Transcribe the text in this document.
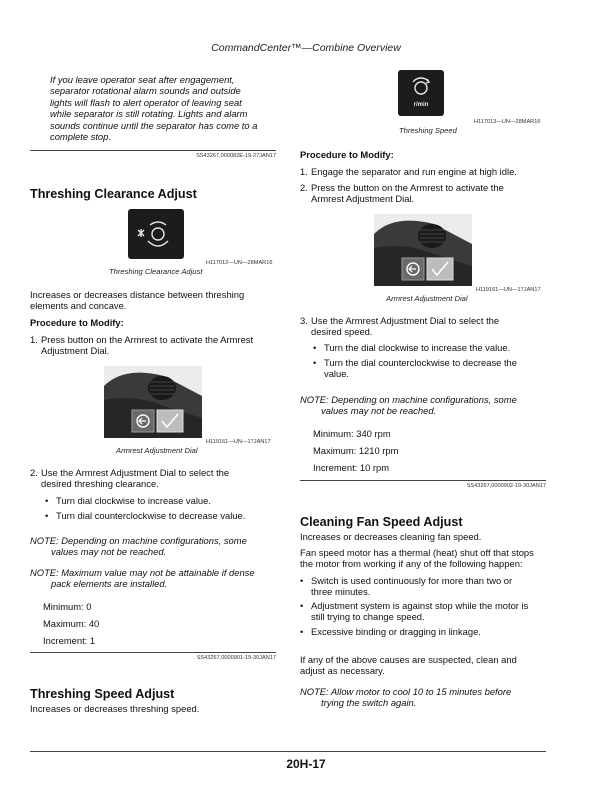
CommandCenter™—Combine Overview
If you leave operator seat after engagement,
separator rotational alarm sounds and outside
lights will flash to alert operator of leaving seat
while separator is still rotating. Lights and alarm
sounds continue until the separator has come to a
complete stop.
SS43267,000082E-19-27JAN17
Threshing Clearance Adjust
H117012—UN—28MAR16
Threshing Clearance Adjust
Increases or decreases distance between threshing
elements and concave.
Procedure to Modify:
1. Press button on the Armrest to activate the Armrest
Adjustment Dial.
H119161—UN—17JAN17
Armrest Adjustment Dial
2. Use the Armrest Adjustment Dial to select the
desired threshing clearance.
• Turn dial clockwise to increase value.
• Turn dial counterclockwise to decrease value.
NOTE: Depending on machine configurations, some
values may not be reached.
NOTE: Maximum value may not be attainable if dense
pack elements are installed.
Minimum: 0
Maximum: 40
Increment: 1
SS43267,0000901-19-30JAN17
Threshing Speed Adjust
Increases or decreases threshing speed.
r/min
H117013—UN—28MAR16
Threshing Speed
Procedure to Modify:
1. Engage the separator and run engine at high idle.
2. Press the button on the Armrest to activate the
Armrest Adjustment Dial.
H119161—UN—17JAN17
Armrest Adjustment Dial
3. Use the Armrest Adjustment Dial to select the
desired speed.
• Turn the dial clockwise to increase the value.
• Turn the dial counterclockwise to decrease the
value.
NOTE: Depending on machine configurations, some
values may not be reached.
Minimum: 340 rpm
Maximum: 1210 rpm
Increment: 10 rpm
SS43267,0000902-19-30JAN17
Cleaning Fan Speed Adjust
Increases or decreases cleaning fan speed.
Fan speed motor has a thermal (heat) shut off that stops
the motor from working if any of the following happen:
• Switch is used continuously for more than two or
three minutes.
• Adjustment system is against stop while the motor is
still trying to change speed.
• Excessive binding or dragging in linkage.
If any of the above causes are suspected, clean and
adjust as necessary.
NOTE: Allow motor to cool 10 to 15 minutes before
trying the switch again.
20H-17
